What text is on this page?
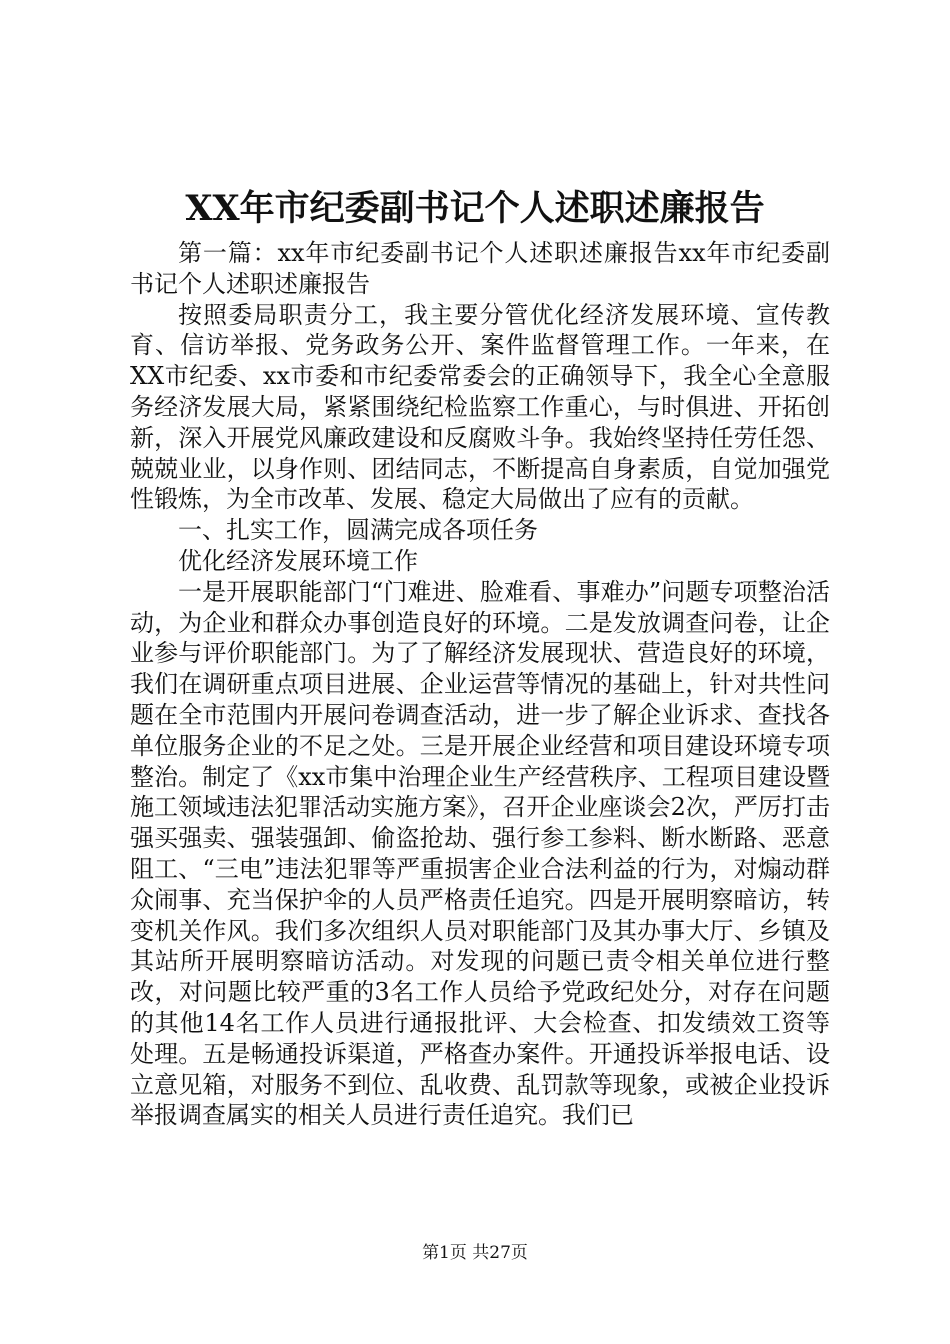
XX年市纪委副书记个人述职述廉报告

第一篇：xx年市纪委副书记个人述职述廉报告xx年市纪委副书记个人述职述廉报告

按照委局职责分工，我主要分管优化经济发展环境、宣传教育、信访举报、党务政务公开、案件监督管理工作。一年来，在XX市纪委、xx市委和市纪委常委会的正确领导下，我全心全意服务经济发展大局，紧紧围绕纪检监察工作重心，与时俱进、开拓创新，深入开展党风廉政建设和反腐败斗争。我始终坚持任劳任怨、兢兢业业，以身作则、团结同志，不断提高自身素质，自觉加强党性锻炼，为全市改革、发展、稳定大局做出了应有的贡献。

一、扎实工作，圆满完成各项任务

优化经济发展环境工作

一是开展职能部门“门难进、脸难看、事难办”问题专项整治活动，为企业和群众办事创造良好的环境。二是发放调查问卷，让企业参与评价职能部门。为了了解经济发展现状、营造良好的环境，我们在调研重点项目进展、企业运营等情况的基础上，针对共性问题在全市范围内开展问卷调查活动，进一步了解企业诉求、查找各单位服务企业的不足之处。三是开展企业经营和项目建设环境专项整治。制定了《xx市集中治理企业生产经营秩序、工程项目建设暨施工领域违法犯罪活动实施方案》，召开企业座谈会2次，严厉打击强买强卖、强装强卸、偷盗抢劫、强行参工参料、断水断路、恶意阻工、“三电”违法犯罪等严重损害企业合法利益的行为，对煽动群众闹事、充当保护伞的人员严格责任追究。四是开展明察暗访，转变机关作风。我们多次组织人员对职能部门及其办事大厅、乡镇及其站所开展明察暗访活动。对发现的问题已责令相关单位进行整改，对问题比较严重的3名工作人员给予党政纪处分，对存在问题的其他14名工作人员进行通报批评、大会检查、扣发绩效工资等处理。五是畅通投诉渠道，严格查办案件。开通投诉举报电话、设立意见箱，对服务不到位、乱收费、乱罚款等现象，或被企业投诉举报调查属实的相关人员进行责任追究。我们已

第1页 共27页
